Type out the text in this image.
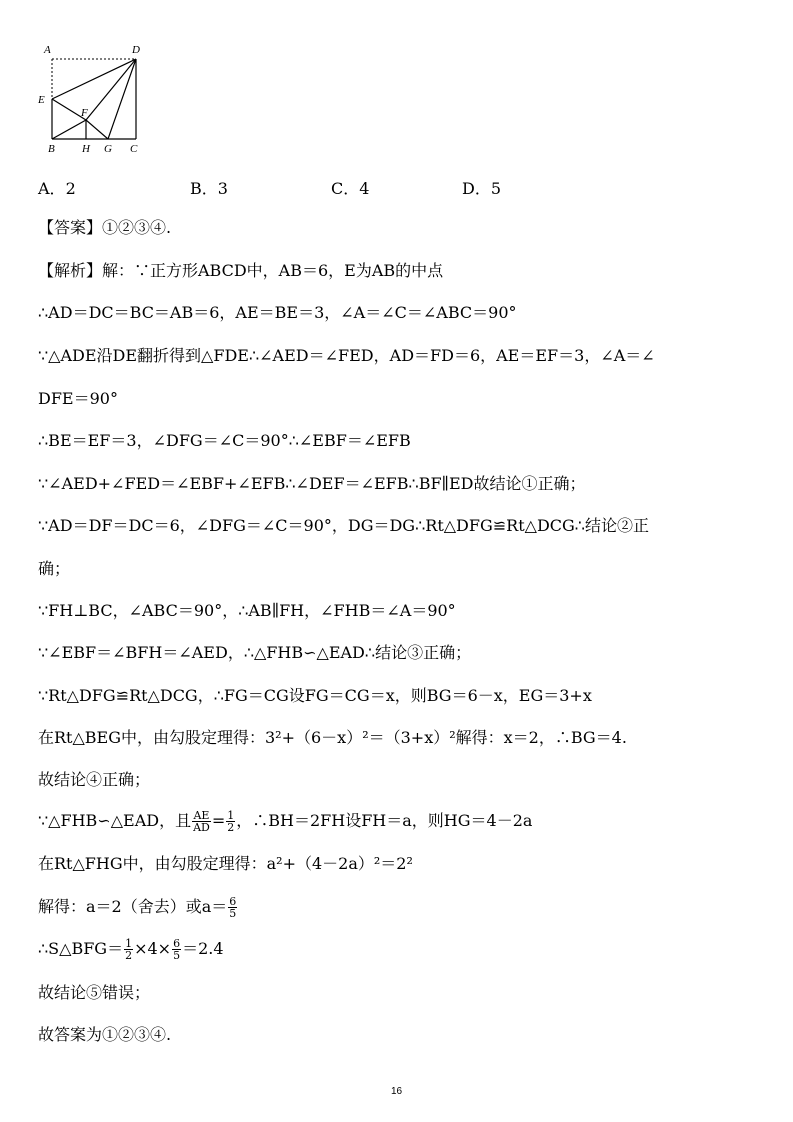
A	D
E
F
B H G C
A．2	B．3	C．4	D．5
【答案】①②③④.
【解析】解：∵正方形ABCD中，AB＝6，E为AB的中点
∴AD＝DC＝BC＝AB＝6，AE＝BE＝3，∠A＝∠C＝∠ABC＝90°
∵△ADE沿DE翻折得到△FDE∴∠AED＝∠FED，AD＝FD＝6，AE＝EF＝3，∠A＝∠
DFE＝90°
∴BE＝EF＝3，∠DFG＝∠C＝90°∴∠EBF＝∠EFB
∵∠AED+∠FED＝∠EBF+∠EFB∴∠DEF＝∠EFB∴BF∥ED故结论①正确；
∵AD＝DF＝DC＝6，∠DFG＝∠C＝90°，DG＝DG∴Rt△DFG≌Rt△DCG∴结论②正
确；
∵FH⊥BC，∠ABC＝90°，∴AB∥FH，∠FHB＝∠A＝90°
∵∠EBF＝∠BFH＝∠AED，∴△FHB∽△EAD∴结论③正确；
∵Rt△DFG≌Rt△DCG，∴FG＝CG设FG＝CG＝x，则BG＝6－x，EG＝3+x
在Rt△BEG中，由勾股定理得：3²+（6－x）²＝（3+x）²解得：x＝2，∴BG＝4.
故结论④正确；
∵△FHB∽△EAD，且 $\frac{AE}{AD} = \frac{1}{2}$ ，∴BH＝2FH设FH＝a，则HG＝4－2a
在Rt△FHG中，由勾股定理得：a²+（4－2a）²＝2²
解得：a＝2（舍去）或$a= \frac{6}{5}$
∴S△BFG＝ $\frac{1}{2} \times 4\times \frac{6}{5} =2.4$
故结论⑤错误；
故答案为①②③④.
16
